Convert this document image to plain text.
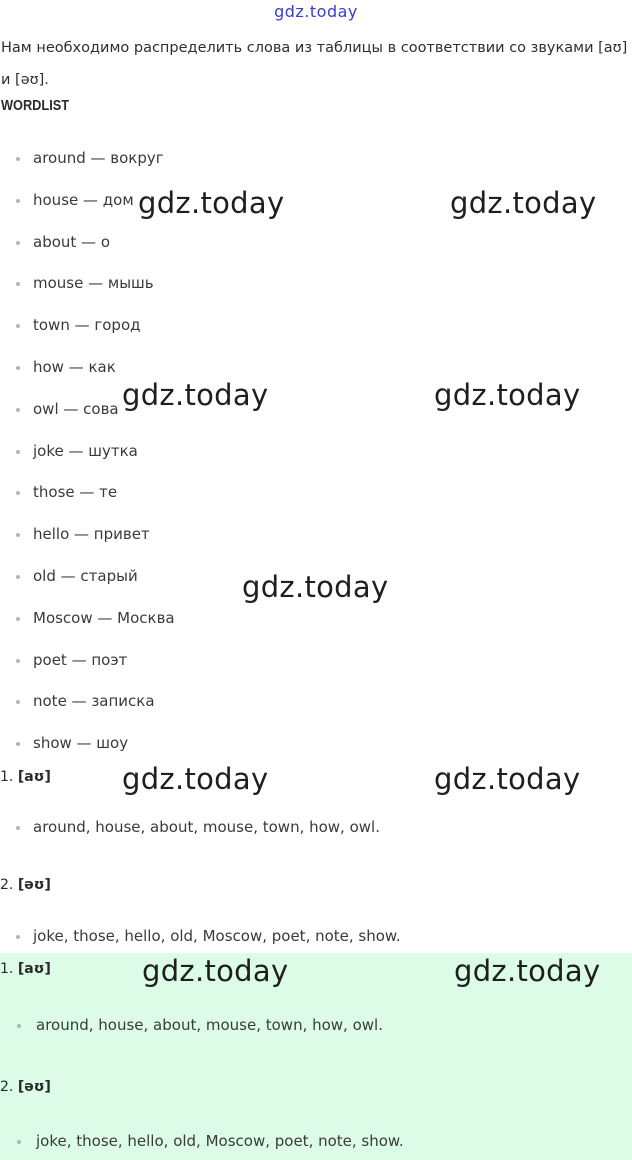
gdz.today
Нам необходимо распределить слова из таблицы в соответствии со звуками [aʊ] и [əʊ].
WORDLIST
around — вокруг
house — дом
about — о
mouse — мышь
town — город
how — как
owl — сова
joke — шутка
those — те
hello — привет
old — старый
Moscow — Москва
poet — поэт
note — записка
show — шоу
1. [aʊ]
around, house, about, mouse, town, how, owl.
2. [əʊ]
joke, those, hello, old, Moscow, poet, note, show.
1. [aʊ]
around, house, about, mouse, town, how, owl.
2. [əʊ]
joke, those, hello, old, Moscow, poet, note, show.
gdz.today	gdz.today
gdz.today	gdz.today
gdz.today
gdz.today	gdz.today
gdz.today	gdz.today
